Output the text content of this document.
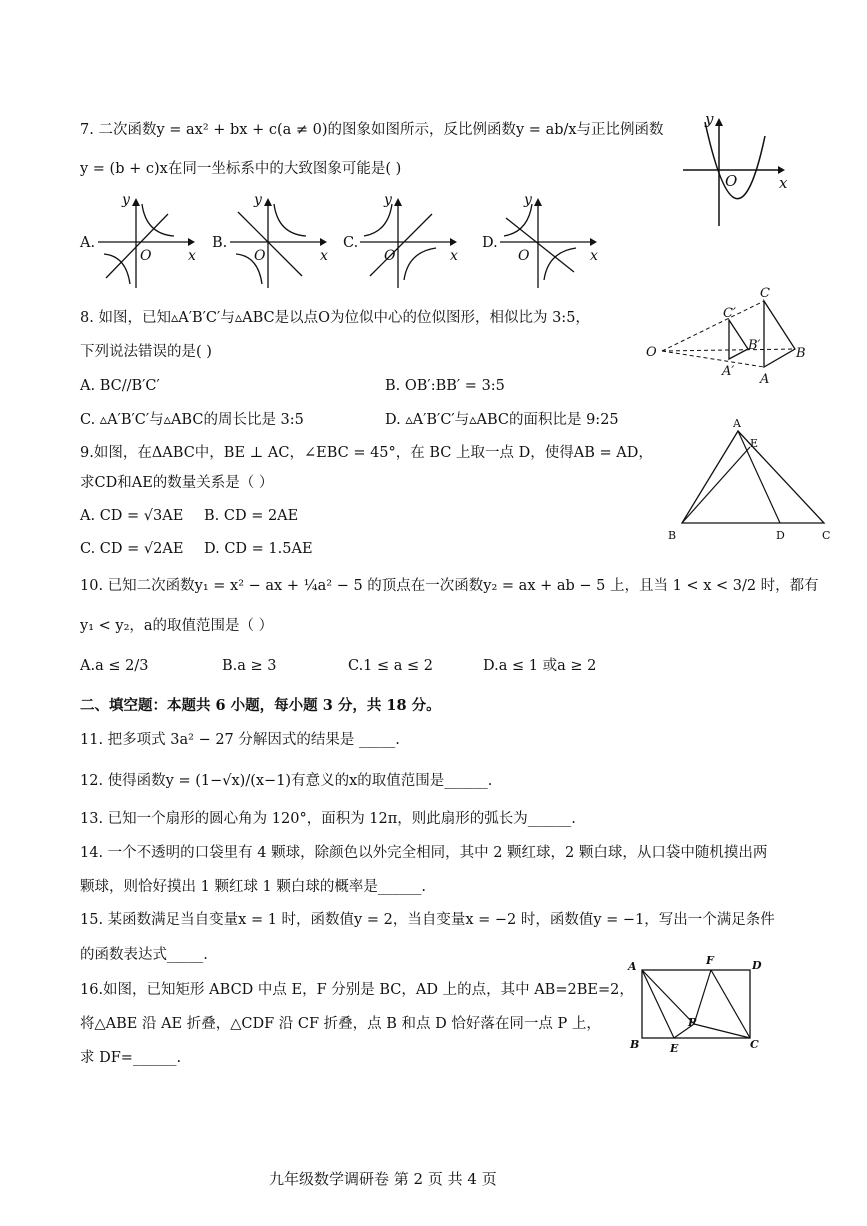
7. 二次函数y = ax² + bx + c(a ≠ 0)的图象如图所示，反比例函数y = ab/x与正比例函数
y = (b + c)x在同一坐标系中的大致图象可能是( )
y
O	x
A.
y
O	x
B.
y
O	x
C.
y
O	x
D.
y
O	x
8. 如图，已知▵A′B′C′与▵ABC是以点O为位似中心的位似图形，相似比为 3:5，
下列说法错误的是( )
A. BC//B′C′	B. OB′:BB′ = 3:5
C. ▵A′B′C′与▵ABC的周长比是 3:5	D. ▵A′B′C′与▵ABC的面积比是 9:25
O
C
B
A
C′
B′
A′
9.如图，在ΔABC中，BE ⊥ AC，∠EBC = 45°，在 BC 上取一点 D，使得AB = AD，
求CD和AE的数量关系是（ ）
A. CD = √3AE B. CD = 2AE
C. CD = √2AE D. CD = 1.5AE
A
E
B	D	C
10. 已知二次函数y₁ = x² − ax + ¼a² − 5 的顶点在一次函数y₂ = ax + ab − 5 上，且当 1 < x < 3/2 时，都有
y₁ < y₂，a的取值范围是（ ）
A.a ≤ 2/3	B.a ≥ 3	C.1 ≤ a ≤ 2	D.a ≤ 1 或a ≥ 2
二、填空题：本题共 6 小题，每小题 3 分，共 18 分。
11. 把多项式 3a² − 27 分解因式的结果是 _____.
12. 使得函数y = (1−√x)/(x−1)有意义的x的取值范围是______.
13. 已知一个扇形的圆心角为 120°，面积为 12π，则此扇形的弧长为______.
14. 一个不透明的口袋里有 4 颗球，除颜色以外完全相同，其中 2 颗红球，2 颗白球，从口袋中随机摸出两
颗球，则恰好摸出 1 颗红球 1 颗白球的概率是______.
15. 某函数满足当自变量x = 1 时，函数值y = 2，当自变量x = −2 时，函数值y = −1，写出一个满足条件
的函数表达式_____.
16.如图，已知矩形 ABCD 中点 E，F 分别是 BC，AD 上的点，其中 AB=2BE=2，
将△ABE 沿 AE 折叠，△CDF 沿 CF 折叠，点 B 和点 D 恰好落在同一点 P 上，
求 DF=______.
A	F	D
B	E	C
P
九年级数学调研卷 第 2 页 共 4 页
